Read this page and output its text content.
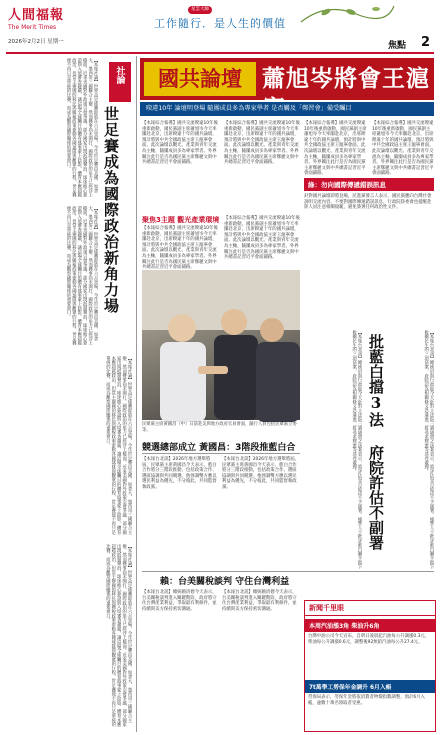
人間福報
The Merit Times
2026年2月2日 星期一
星雲大師
工作隨行．是人生的價值
焦點 2
【本報社論】世界盃足球賽即將在六月登場，今年世足賽由美國、加拿大、墨西哥三國聯合主辦，然而賽事尚未開打，國際政治的角力已經浮上檯面。近來美國對外政策引發爭議，部分國家出現抵制聲浪，球迷擔心簽證與入境審查趨嚴，讓這場全球矚目的體育盛事蒙上陰影。體育本應超越政治，但當主辦國的移民與關稅政策牽動各國球隊與觀眾的行程，世足賽便不再只是單純的比賽，而成為觀察國際關係的重要窗口。	社論
世足賽成為國際政治新角力場
【本報社論】世界盃足球賽即將在六月登場，今年世足賽由美國、加拿大、墨西哥三國聯合主辦，然而賽事尚未開打，國際政治的角力已經浮上檯面。近來美國對外政策引發爭議，部分國家出現抵制聲浪，球迷擔心簽證與入境審查趨嚴，讓這場全球矚目的體育盛事蒙上陰影。體育本應超越政治，但當主辦國的移民與關稅政策牽動各國球隊與觀眾的行程，世足賽便不再只是單純的比賽，而成為觀察國際關係的重要窗口。
【本報社論】世界盃足球賽即將在六月登場，今年世足賽由美國、加拿大、墨西哥三國聯合主辦，然而賽事尚未開打，國際政治的角力已經浮上檯面。近來美國對外政策引發爭議，部分國家出現抵制聲浪，球迷擔心簽證與入境審查趨嚴，讓這場全球矚目的體育盛事蒙上陰影。體育本應超越政治，但當主辦國的移民與關稅政策牽動各國球隊與觀眾的行程，世足賽便不再只是單純的比賽，而成為觀察國際關係的重要窗口。
【本報社論】世界盃足球賽即將在六月登場，今年世足賽由美國、加拿大、墨西哥三國聯合主辦，然而賽事尚未開打，國際政治的角力已經浮上檯面。近來美國對外政策引發爭議，部分國家出現抵制聲浪，球迷擔心簽證與入境審查趨嚴，讓這場全球矚目的體育盛事蒙上陰影。體育本應超越政治，但當主辦國的移民與關稅政策牽動各國球隊與觀眾的行程，世足賽便不再只是單純的比賽，而成為觀察國際關係的重要窗口。
國共論壇 蕭旭岑將會王滬
暌違10年 論壇明登場 隨團成員多為專家學者 是否觸及「鄭習會」備受矚目
【本報綜合報導】國共交流暌違10年後重新啟動，國民黨副主席蕭旭岑今天率團赴北京，出席睽違十年的國共論壇，預計將與中共全國政協主席王滬寧會面。此次論壇以觀光、產業與青年交流為主軸，隨團成員多為專家學者。外界關注此行是否為國民黨主席鄭麗文與中共總書記習近平會面鋪路。
【本報綜合報導】國共交流暌違10年後重新啟動，國民黨副主席蕭旭岑今天率團赴北京，出席睽違十年的國共論壇，預計將與中共全國政協主席王滬寧會面。此次論壇以觀光、產業與青年交流為主軸，隨團成員多為專家學者。外界關注此行是否為國民黨主席鄭麗文與中共總書記習近平會面鋪路。
【本報綜合報導】國共交流暌違10年後重新啟動，國民黨副主席蕭旭岑今天率團赴北京，出席睽違十年的國共論壇，預計將與中共全國政協主席王滬寧會面。此次論壇以觀光、產業與青年交流為主軸，隨團成員多為專家學者。外界關注此行是否為國民黨主席鄭麗文與中共總書記習近平會面鋪路。
【本報綜合報導】國共交流暌違10年後重新啟動，國民黨副主席蕭旭岑今天率團赴北京，出席睽違十年的國共論壇，預計將與中共全國政協主席王滬寧會面。此次論壇以觀光、產業與青年交流為主軸，隨團成員多為專家學者。外界關注此行是否為國民黨主席鄭麗文與中共總書記習近平會面鋪路。
聚焦3主題 觀光產業環境
【本報綜合報導】國共交流暌違10年後重新啟動，國民黨副主席蕭旭岑今天率團赴北京，出席睽違十年的國共論壇，預計將與中共全國政協主席王滬寧會面。此次論壇以觀光、產業與青年交流為主軸，隨團成員多為專家學者。外界關注此行是否為國民黨主席鄭麗文與中共總書記習近平會面鋪路。
【本報綜合報導】國共交流暌違10年後重新啟動，國民黨副主席蕭旭岑今天率團赴北京，出席睽違十年的國共論壇，預計將與中共全國政協主席王滬寧會面。此次論壇以觀光、產業與青年交流為主軸，隨團成員多為專家學者。外界關注此行是否為國民黨主席鄭麗文與中共總書記習近平會面鋪路。
綠：勿向國際傳遞錯誤訊息
針對國共論壇即將登場，民進黨發言人表示，國民黨應向台灣社會說明交流內容，不要對國際傳遞錯誤訊息。行政院陸委會也提醒赴陸人員注意相關規範，避免簽署任何政治性文件。
民眾黨主席黃國昌（中）日前赴美與地方政府官員會面，隨行人員包括民眾黨立委等。
競選總部成立 黃國昌：3階段推藍白合
【本報台北訊】2026年地方選舉將屆，民眾黨主席黃國昌今天表示，藍白合作將分三階段推動，包括政策合作、選區協調與共同競選。他強調雙方應以選民利益為優先，不分彼此，共同監督執政黨。
【本報台北訊】2026年地方選舉將屆，民眾黨主席黃國昌今天表示，藍白合作將分三階段推動，包括政策合作、選區協調與共同競選。他強調雙方應以選民利益為優先，不分彼此，共同監督執政黨。	【本報台北訊】總統府與行政院今天針對立法院三讀通過之法案表示，將評估是否依法不予副署。綠營人士批評藍白聯手擋下攸關民生的三項法案，府院認為相關條文恐違憲，將尋求釋憲等途徑處理。 批藍白擋3法 府院許估不副署	【本報台北訊】總統府與行政院今天針對立法院三讀通過之法案表示，將評估是否依法不予副署。綠營人士批評藍白聯手擋下攸關民生的三項法案，府院認為相關條文恐違憲，將尋求釋憲等途徑處理。
賴：台美關稅談判 守住台灣利益
【本報台北訊】總統賴清德今天表示，台美關稅談判進入關鍵階段，政府將守住台灣產業利益，爭取最有利條件，並持續與美方保持密切溝通。
【本報台北訊】總統賴清德今天表示，台美關稅談判進入關鍵階段，政府將守住台灣產業利益，爭取最有利條件，並持續與美方保持密切溝通。	新聞千里眼
本周汽油漲3角 柴油升6角
台灣中油公司今天宣布，自明日凌晨起汽油每公升調漲0.3元，柴油每公升調漲0.6元，調整後92無鉛汽油每公升27.4元。
7t萬學工勞保年金調升 6月入帳
勞保局表示，勞保年金將依消費者物價指數調整，預計6月入帳，逾數十萬名領取者受惠。
